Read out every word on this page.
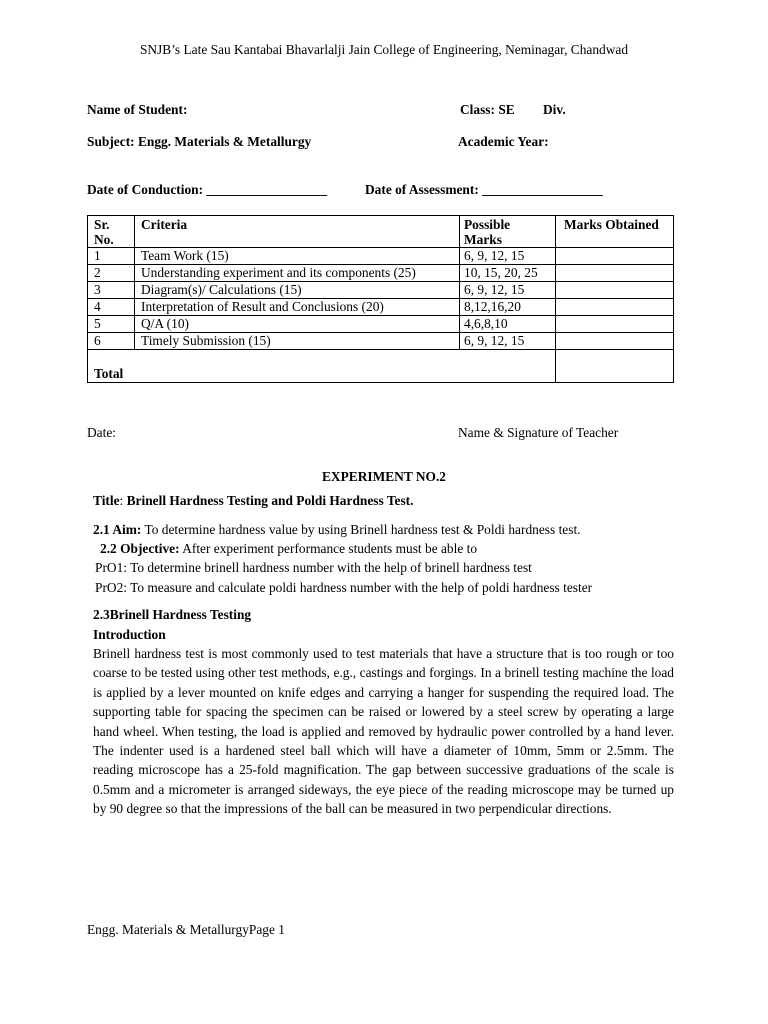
SNJB’s Late Sau Kantabai Bhavarlalji Jain College of Engineering, Neminagar, Chandwad
Name of Student:	Class: SE Div.
Subject: Engg. Materials & Metallurgy	Academic Year:
Date of Conduction: __________________	Date of Assessment: __________________
Sr. No.	Criteria	Possible Marks	Marks Obtained
1	Team Work (15)	6, 9, 12, 15	
2	Understanding experiment and its components (25)	10, 15, 20, 25	
3	Diagram(s)/ Calculations (15)	6, 9, 12, 15	
4	Interpretation of Result and Conclusions (20)	8,12,16,20	
5	Q/A (10)	4,6,8,10	
6	Timely Submission (15)	6, 9, 12, 15	
Total			
Date:	Name & Signature of Teacher
EXPERIMENT NO.2
Title: Brinell Hardness Testing and Poldi Hardness Test.
2.1 Aim: To determine hardness value by using Brinell hardness test & Poldi hardness test.
2.2 Objective: After experiment performance students must be able to
PrO1: To determine brinell hardness number with the help of brinell hardness test
PrO2: To measure and calculate poldi hardness number with the help of poldi hardness tester
2.3Brinell Hardness Testing
Introduction
Brinell hardness test is most commonly used to test materials that have a structure that is too rough or too coarse to be tested using other test methods, e.g., castings and forgings. In a brinell testing machine the load is applied by a lever mounted on knife edges and carrying a hanger for suspending the required load. The supporting table for spacing the specimen can be raised or lowered by a steel screw by operating a large hand wheel. When testing, the load is applied and removed by hydraulic power controlled by a hand lever. The indenter used is a hardened steel ball which will have a diameter of 10mm, 5mm or 2.5mm. The reading microscope has a 25-fold magnification. The gap between successive graduations of the scale is 0.5mm and a micrometer is arranged sideways, the eye piece of the reading microscope may be turned up by 90 degree so that the impressions of the ball can be measured in two perpendicular directions.
Engg. Materials & MetallurgyPage 1
